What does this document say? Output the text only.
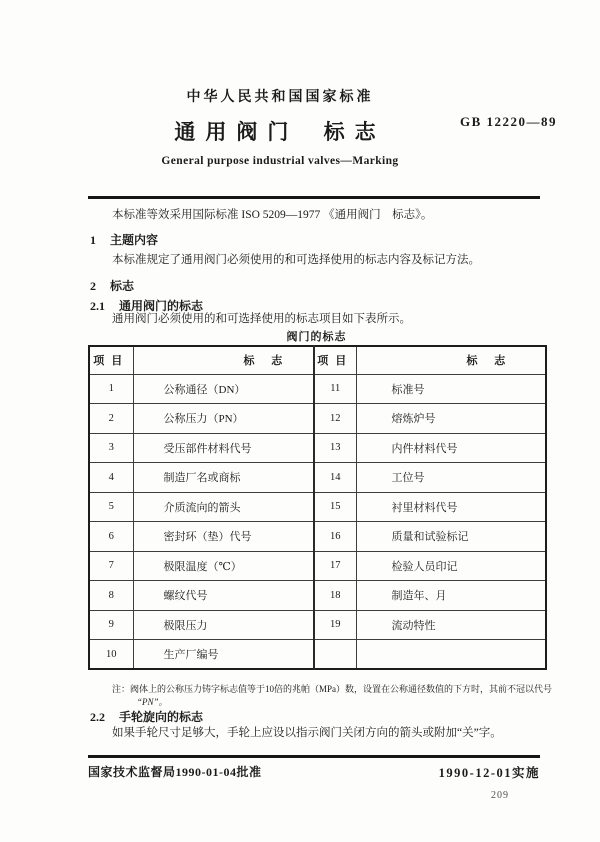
中华人民共和国国家标准
GB 12220—89
通用阀门 标志
General purpose industrial valves—Marking
本标准等效采用国际标准 ISO 5209—1977 《通用阀门　标志》。
1 主题内容
本标准规定了通用阀门必须使用的和可选择使用的标志内容及标记方法。
2 标志
2.1 通用阀门的标志
通用阀门必须使用的和可选择使用的标志项目如下表所示。
阀门的标志
项目	标 志	项目	标 志
1	公称通径（DN）	11	标准号
2	公称压力（PN）	12	熔炼炉号
3	受压部件材料代号	13	内件材料代号
4	制造厂名或商标	14	工位号
5	介质流向的箭头	15	衬里材料代号
6	密封环（垫）代号	16	质量和试验标记
7	极限温度（℃）	17	检验人员印记
8	螺纹代号	18	制造年、月
9	极限压力	19	流动特性
10	生产厂编号		
注：阀体上的公称压力铸字标志值等于10倍的兆帕（MPa）数，设置在公称通径数值的下方时，其前不冠以代号
“PN”。
2.2 手轮旋向的标志
如果手轮尺寸足够大，手轮上应设以指示阀门关闭方向的箭头或附加“关”字。
国家技术监督局1990-01-04批准	1990-12-01实施
209
